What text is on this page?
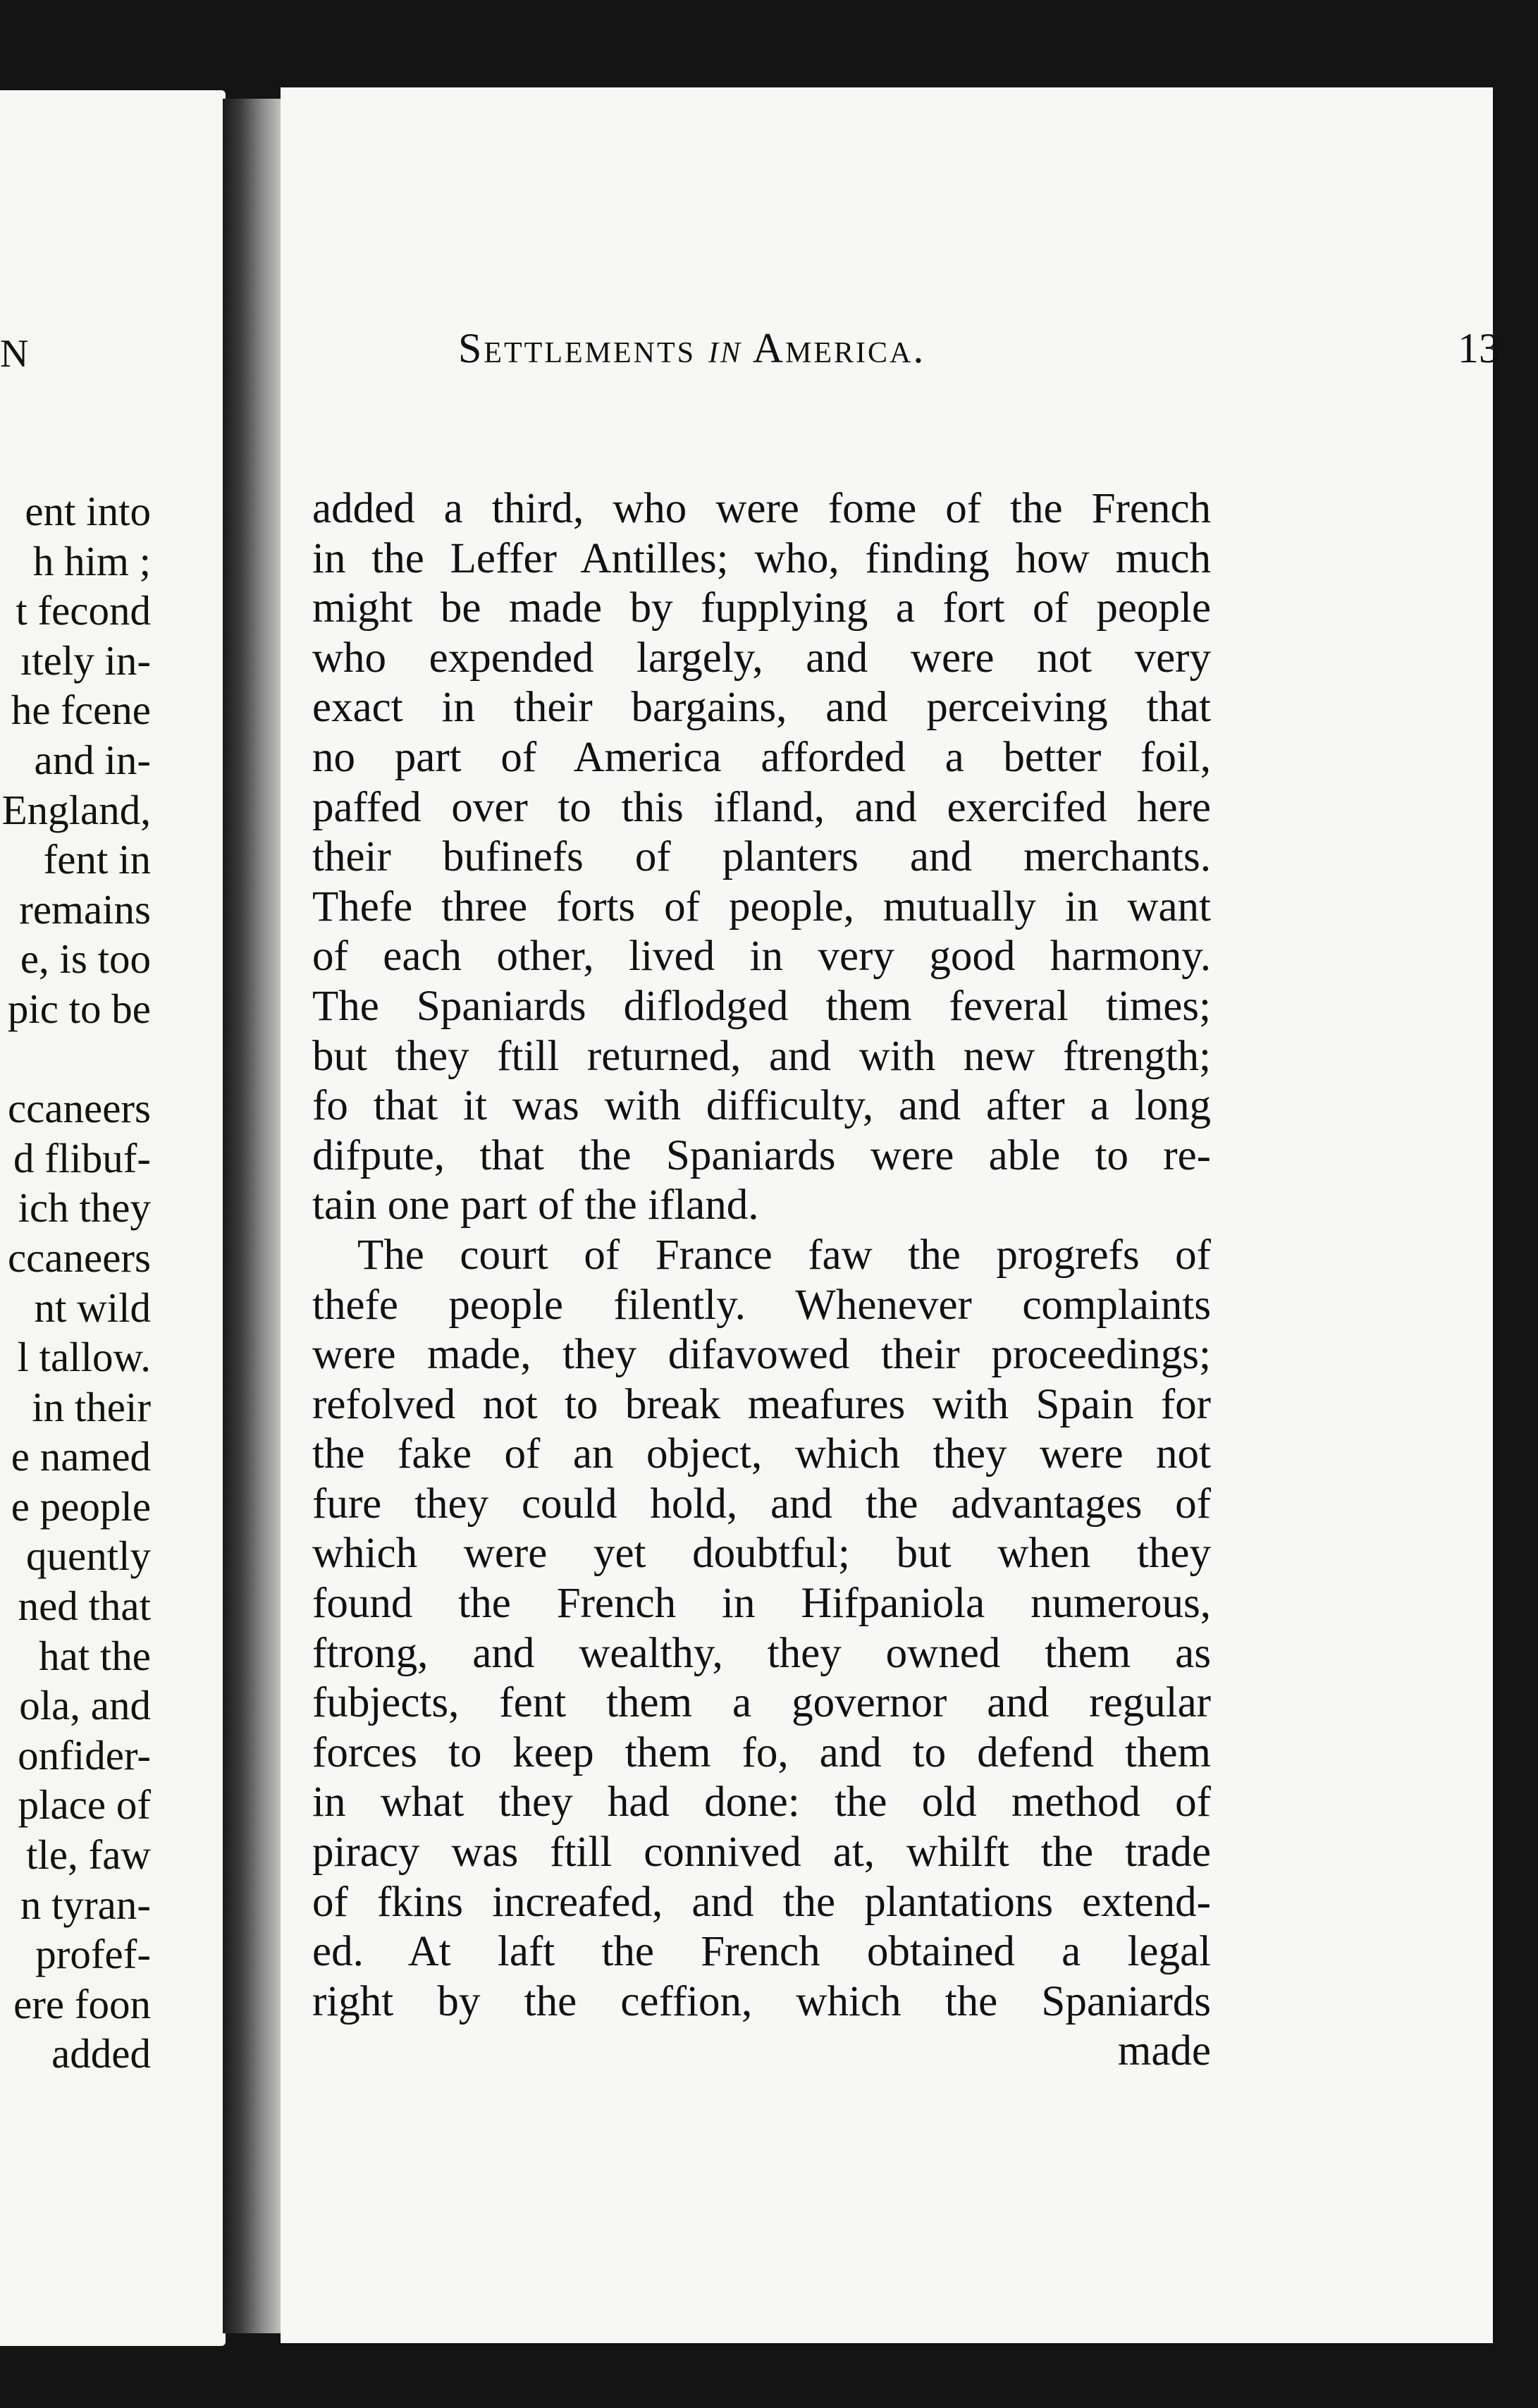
N
ent into
h him ;
t fecond
ıtely in-
he fcene
and in-
England,
fent in
remains
e, is too
pic to be

ccaneers
d flibuf-
ich they
ccaneers
nt wild
l tallow.
in their
e named
e people
quently
ned that
hat the
ola, and
onfider-
place of
tle, faw
n tyran-
profef-
ere foon
added
Settlements in America.	13
added a third, who were fome of the French
in the Leffer Antilles; who, finding how much
might be made by fupplying a fort of people
who expended largely, and were not very
exact in their bargains, and perceiving that
no part of America afforded a better foil,
paffed over to this ifland, and exercifed here
their bufinefs of planters and merchants.
Thefe three forts of people, mutually in want
of each other, lived in very good harmony.
The Spaniards diflodged them feveral times;
but they ftill returned, and with new ftrength;
fo that it was with difficulty, and after a long
difpute, that the Spaniards were able to re-
tain one part of the ifland.
The court of France faw the progrefs of
thefe people filently. Whenever complaints
were made, they difavowed their proceedings;
refolved not to break meafures with Spain for
the fake of an object, which they were not
fure they could hold, and the advantages of
which were yet doubtful; but when they
found the French in Hifpaniola numerous,
ftrong, and wealthy, they owned them as
fubjects, fent them a governor and regular
forces to keep them fo, and to defend them
in what they had done: the old method of
piracy was ftill connived at, whilft the trade
of fkins increafed, and the plantations extend-
ed. At laft the French obtained a legal
right by the ceffion, which the Spaniards
made
